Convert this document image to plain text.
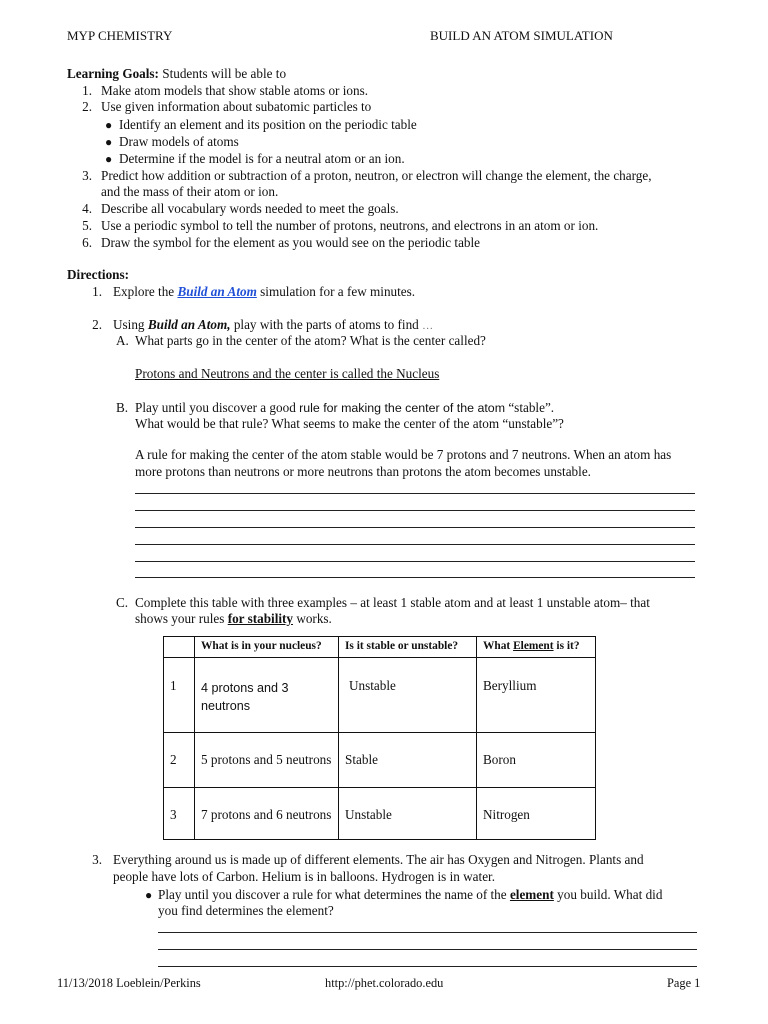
MYP CHEMISTRY	BUILD AN ATOM SIMULATION
Learning Goals: Students will be able to
1. Make atom models that show stable atoms or ions.
2. Use given information about subatomic particles to
● Identify an element and its position on the periodic table
● Draw models of atoms
● Determine if the model is for a neutral atom or an ion.
3. Predict how addition or subtraction of a proton, neutron, or electron will change the element, the charge,
and the mass of their atom or ion.
4. Describe all vocabulary words needed to meet the goals.
5. Use a periodic symbol to tell the number of protons, neutrons, and electrons in an atom or ion.
6. Draw the symbol for the element as you would see on the periodic table
Directions:
1. Explore the Build an Atom simulation for a few minutes.
2. Using Build an Atom, play with the parts of atoms to find …
A. What parts go in the center of the atom? What is the center called?
Protons and Neutrons and the center is called the Nucleus
B. Play until you discover a good rule for making the center of the atom “stable”.
What would be that rule? What seems to make the center of the atom “unstable”?
A rule for making the center of the atom stable would be 7 protons and 7 neutrons. When an atom has
more protons than neutrons or more neutrons than protons the atom becomes unstable.
C. Complete this table with three examples – at least 1 stable atom and at least 1 unstable atom– that
shows your rules for stability works.
	What is in your nucleus?	Is it stable or unstable?	What Element is it?
1	4 protons and 3 neutrons	Unstable	Beryllium
2	5 protons and 5 neutrons	Stable	Boron
3	7 protons and 6 neutrons	Unstable	Nitrogen
3. Everything around us is made up of different elements. The air has Oxygen and Nitrogen. Plants and
people have lots of Carbon. Helium is in balloons. Hydrogen is in water.
● Play until you discover a rule for what determines the name of the element you build. What did
you find determines the element?
11/13/2018 Loeblein/Perkins	http://phet.colorado.edu	Page 1
